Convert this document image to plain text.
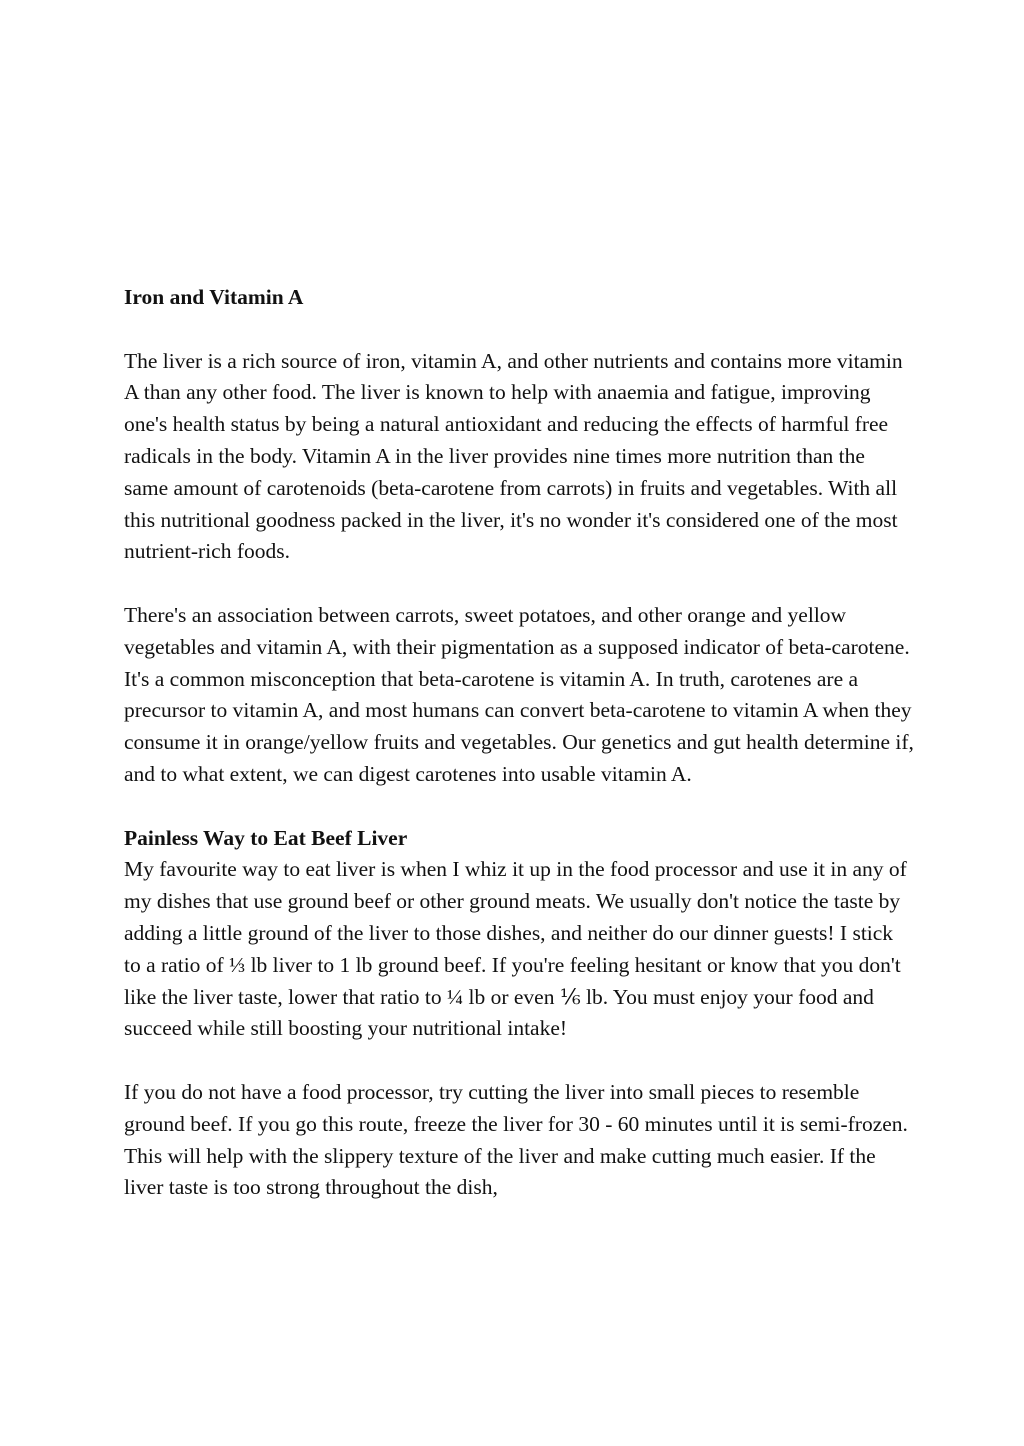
Iron and Vitamin A

The liver is a rich source of iron, vitamin A, and other nutrients and contains more vitamin A than any other food. The liver is known to help with anaemia and fatigue, improving one's health status by being a natural antioxidant and reducing the effects of harmful free radicals in the body. Vitamin A in the liver provides nine times more nutrition than the same amount of carotenoids (beta-carotene from carrots) in fruits and vegetables. With all this nutritional goodness packed in the liver, it's no wonder it's considered one of the most nutrient-rich foods.

There's an association between carrots, sweet potatoes, and other orange and yellow vegetables and vitamin A, with their pigmentation as a supposed indicator of beta-carotene. It's a common misconception that beta-carotene is vitamin A. In truth, carotenes are a precursor to vitamin A, and most humans can convert beta-carotene to vitamin A when they consume it in orange/yellow fruits and vegetables. Our genetics and gut health determine if, and to what extent, we can digest carotenes into usable vitamin A.

Painless Way to Eat Beef Liver

My favourite way to eat liver is when I whiz it up in the food processor and use it in any of my dishes that use ground beef or other ground meats. We usually don't notice the taste by adding a little ground of the liver to those dishes, and neither do our dinner guests! I stick to a ratio of ⅓ lb liver to 1 lb ground beef. If you're feeling hesitant or know that you don't like the liver taste, lower that ratio to ¼ lb or even ⅙ lb. You must enjoy your food and succeed while still boosting your nutritional intake!

If you do not have a food processor, try cutting the liver into small pieces to resemble ground beef. If you go this route, freeze the liver for 30 - 60 minutes until it is semi-frozen. This will help with the slippery texture of the liver and make cutting much easier. If the liver taste is too strong throughout the dish,
